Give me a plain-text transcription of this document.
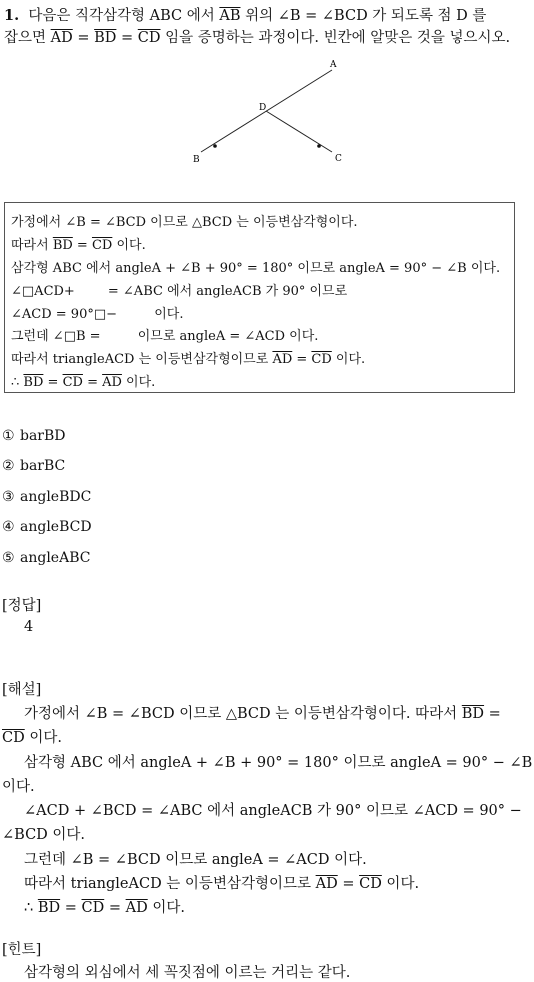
1. 다음은 직각삼각형 ABC 에서 $\overline{AB}$ 위의 ∠B = ∠BCD 가 되도록 점 D 를
잡으면 $\overline{AD} = \overline{BD} = \overline{CD}$ 임을 증명하는 과정이다. 빈칸에 알맞은 것을 넣으시오.
A
B	C
D
가정에서 ∠B = ∠BCD 이므로 △BCD 는 이등변삼각형이다.
따라서 $\overline{BD} = \overline{CD}$ 이다.
삼각형 ABC 에서 angleA + ∠B + 90° = 180° 이므로 angleA = 90° − ∠B 이다.
∠□ACD+        = ∠ABC 에서 angleACB 가 90° 이므로
∠ACD = 90°□−         이다.
그런데 ∠□B =         이므로 angleA = ∠ACD 이다.
따라서 triangleACD 는 이등변삼각형이므로 $\overline{AD} = \overline{CD}$ 이다.
∴ $\overline{BD} = \overline{CD} = \overline{AD}$ 이다.
① barBD
② barBC
③ angleBDC
④ angleBCD
⑤ angleABC
[정답]
4
[해설]
가정에서 ∠B = ∠BCD 이므로 △BCD 는 이등변삼각형이다. 따라서 $\overline{BD}$ =
$\overline{CD}$ 이다.
삼각형 ABC 에서 angleA + ∠B + 90° = 180° 이므로 angleA = 90° − ∠B
이다.
∠ACD + ∠BCD = ∠ABC 에서 angleACB 가 90° 이므로 ∠ACD = 90° −
∠BCD 이다.
그런데 ∠B = ∠BCD 이므로 angleA = ∠ACD 이다.
따라서 triangleACD 는 이등변삼각형이므로 $\overline{AD} = \overline{CD}$ 이다.
∴ $\overline{BD} = \overline{CD} = \overline{AD}$ 이다.
[힌트]
삼각형의 외심에서 세 꼭짓점에 이르는 거리는 같다.
